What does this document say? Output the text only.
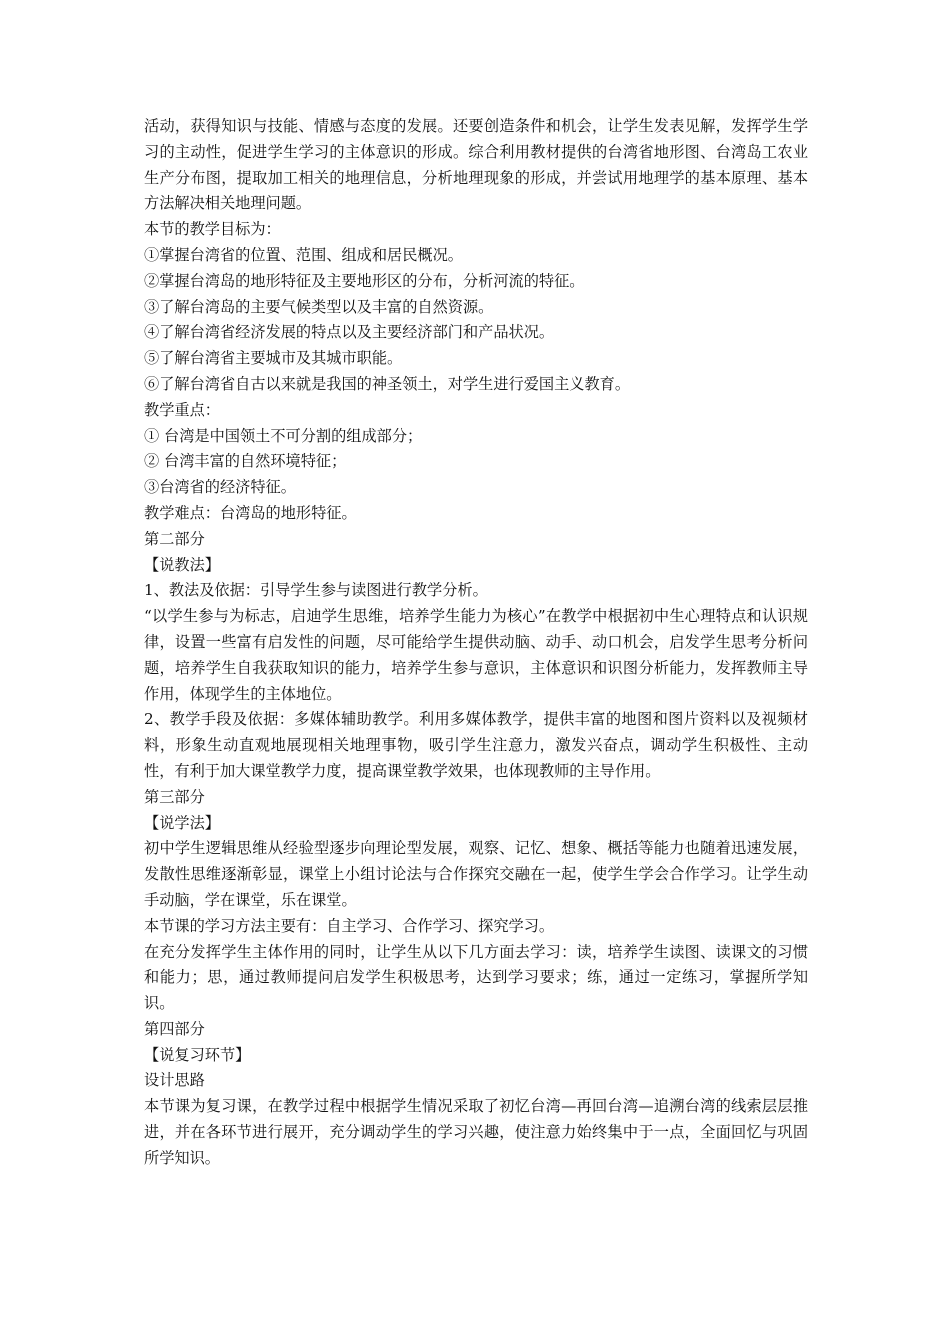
活动，获得知识与技能、情感与态度的发展。还要创造条件和机会，让学生发表见解，发挥学生学习的主动性，促进学生学习的主体意识的形成。综合利用教材提供的台湾省地形图、台湾岛工农业生产分布图，提取加工相关的地理信息，分析地理现象的形成，并尝试用地理学的基本原理、基本方法解决相关地理问题。

本节的教学目标为：

①掌握台湾省的位置、范围、组成和居民概况。

②掌握台湾岛的地形特征及主要地形区的分布，分析河流的特征。

③了解台湾岛的主要气候类型以及丰富的自然资源。

④了解台湾省经济发展的特点以及主要经济部门和产品状况。

⑤了解台湾省主要城市及其城市职能。

⑥了解台湾省自古以来就是我国的神圣领土，对学生进行爱国主义教育。

教学重点：

① 台湾是中国领土不可分割的组成部分；

② 台湾丰富的自然环境特征；

③台湾省的经济特征。

教学难点：台湾岛的地形特征。

第二部分

【说教法】

1、教法及依据：引导学生参与读图进行教学分析。

“以学生参与为标志，启迪学生思维，培养学生能力为核心”在教学中根据初中生心理特点和认识规律，设置一些富有启发性的问题，尽可能给学生提供动脑、动手、动口机会，启发学生思考分析问题，培养学生自我获取知识的能力，培养学生参与意识，主体意识和识图分析能力，发挥教师主导作用，体现学生的主体地位。

2、教学手段及依据：多媒体辅助教学。利用多媒体教学，提供丰富的地图和图片资料以及视频材料，形象生动直观地展现相关地理事物，吸引学生注意力，激发兴奋点，调动学生积极性、主动性，有利于加大课堂教学力度，提高课堂教学效果，也体现教师的主导作用。

第三部分

【说学法】

初中学生逻辑思维从经验型逐步向理论型发展，观察、记忆、想象、概括等能力也随着迅速发展，发散性思维逐渐彰显，课堂上小组讨论法与合作探究交融在一起，使学生学会合作学习。让学生动手动脑，学在课堂，乐在课堂。

本节课的学习方法主要有：自主学习、合作学习、探究学习。

在充分发挥学生主体作用的同时，让学生从以下几方面去学习：读，培养学生读图、读课文的习惯和能力；思，通过教师提问启发学生积极思考，达到学习要求；练，通过一定练习，掌握所学知识。

第四部分

【说复习环节】

设计思路

本节课为复习课，在教学过程中根据学生情况采取了初忆台湾—再回台湾—追溯台湾的线索层层推进，并在各环节进行展开，充分调动学生的学习兴趣，使注意力始终集中于一点，全面回忆与巩固所学知识。
